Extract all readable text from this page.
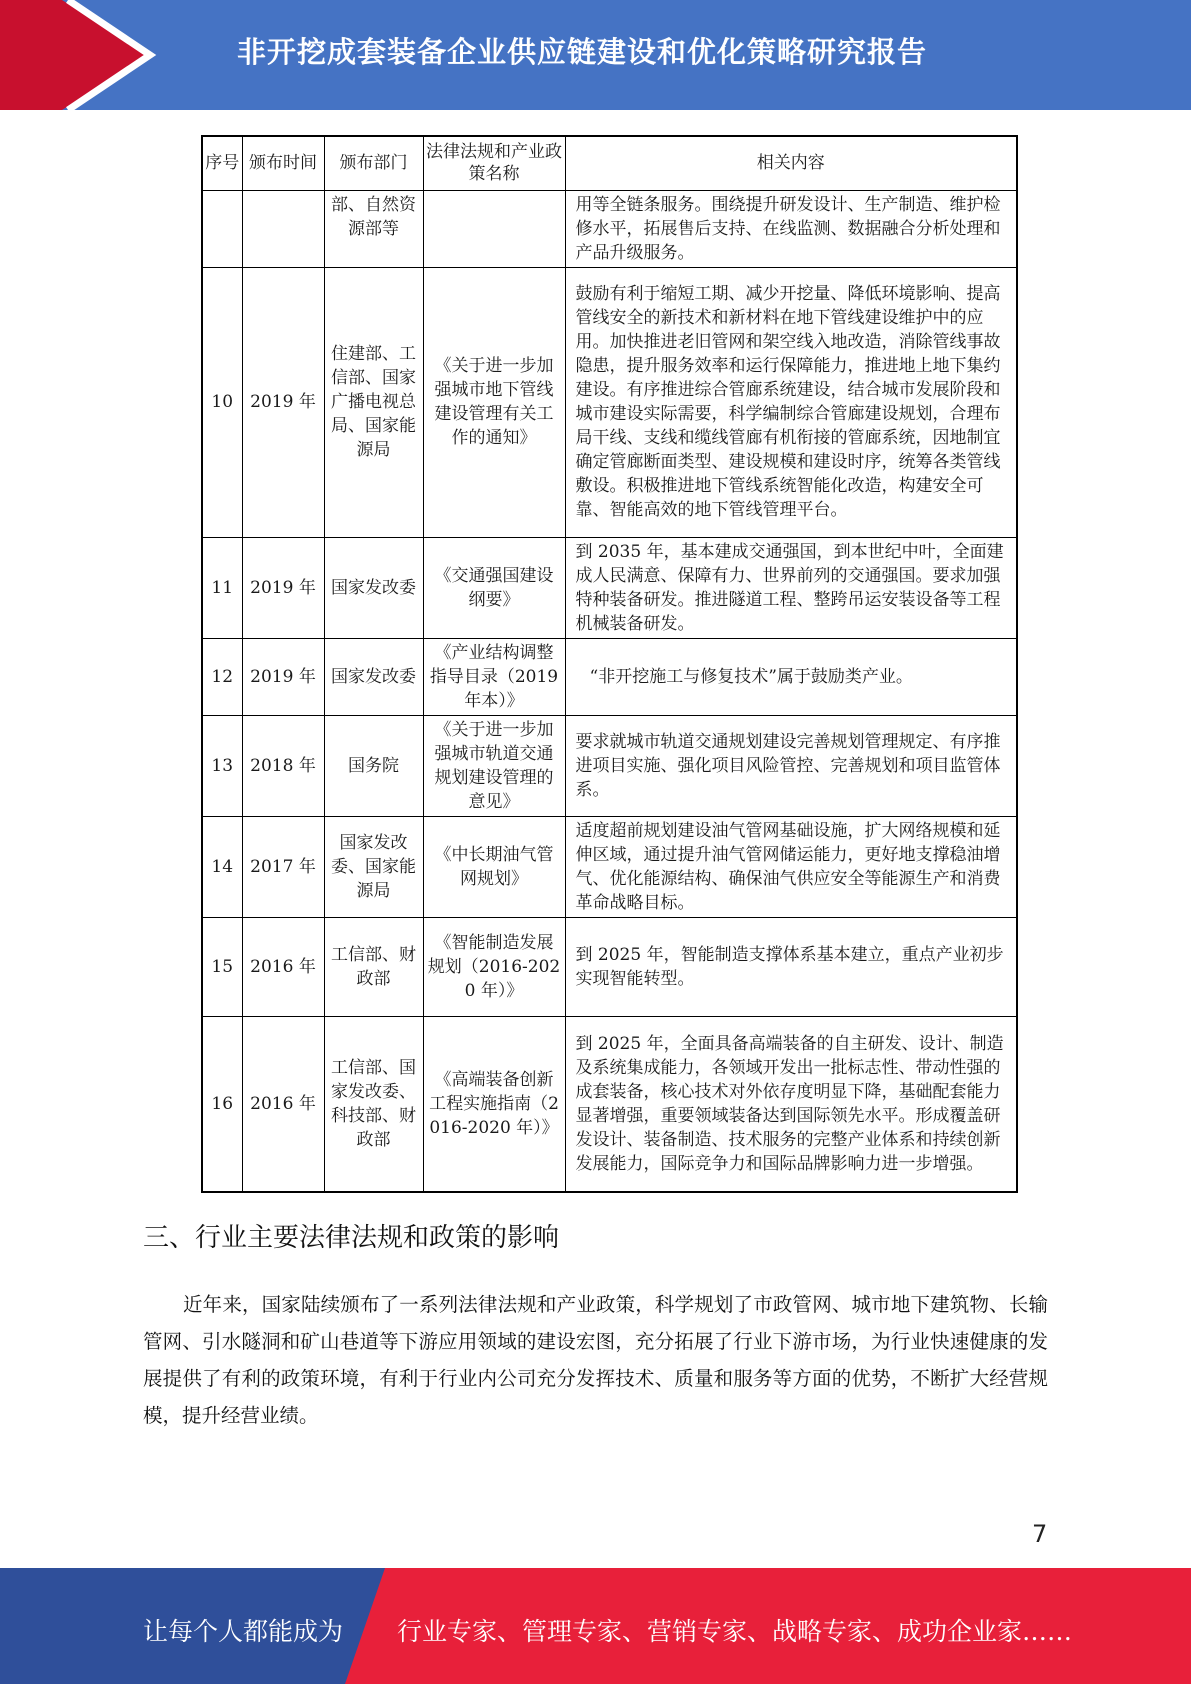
非开挖成套装备企业供应链建设和优化策略研究报告
序号	颁布时间	颁布部门	法律法规和产业政策名称	相关内容
		部、自然资源部等		用等全链条服务。围绕提升研发设计、生产制造、维护检修水平，拓展售后支持、在线监测、数据融合分析处理和产品升级服务。
10	2019 年	住建部、工信部、国家广播电视总局、国家能源局	《关于进一步加强城市地下管线建设管理有关工作的通知》	鼓励有利于缩短工期、减少开挖量、降低环境影响、提高管线安全的新技术和新材料在地下管线建设维护中的应用。加快推进老旧管网和架空线入地改造，消除管线事故隐患，提升服务效率和运行保障能力，推进地上地下集约建设。有序推进综合管廊系统建设，结合城市发展阶段和城市建设实际需要，科学编制综合管廊建设规划，合理布局干线、支线和缆线管廊有机衔接的管廊系统，因地制宜确定管廊断面类型、建设规模和建设时序，统筹各类管线敷设。积极推进地下管线系统智能化改造，构建安全可靠、智能高效的地下管线管理平台。
11	2019 年	国家发改委	《交通强国建设纲要》	到 2035 年，基本建成交通强国，到本世纪中叶，全面建成人民满意、保障有力、世界前列的交通强国。要求加强特种装备研发。推进隧道工程、整跨吊运安装设备等工程机械装备研发。
12	2019 年	国家发改委	《产业结构调整指导目录（2019 年本）》	“非开挖施工与修复技术”属于鼓励类产业。
13	2018 年	国务院	《关于进一步加强城市轨道交通规划建设管理的意见》	要求就城市轨道交通规划建设完善规划管理规定、有序推进项目实施、强化项目风险管控、完善规划和项目监管体系。
14	2017 年	国家发改委、国家能源局	《中长期油气管网规划》	适度超前规划建设油气管网基础设施，扩大网络规模和延伸区域，通过提升油气管网储运能力，更好地支撑稳油增气、优化能源结构、确保油气供应安全等能源生产和消费革命战略目标。
15	2016 年	工信部、财政部	《智能制造发展规划（2016-2020 年）》	到 2025 年，智能制造支撑体系基本建立，重点产业初步实现智能转型。
16	2016 年	工信部、国家发改委、科技部、财政部	《高端装备创新工程实施指南（2016-2020 年）》	到 2025 年，全面具备高端装备的自主研发、设计、制造及系统集成能力，各领域开发出一批标志性、带动性强的成套装备，核心技术对外依存度明显下降，基础配套能力显著增强，重要领域装备达到国际领先水平。形成覆盖研发设计、装备制造、技术服务的完整产业体系和持续创新发展能力，国际竞争力和国际品牌影响力进一步增强。
三、行业主要法律法规和政策的影响

近年来，国家陆续颁布了一系列法律法规和产业政策，科学规划了市政管网、城市地下建筑物、长输管网、引水隧洞和矿山巷道等下游应用领域的建设宏图，充分拓展了行业下游市场，为行业快速健康的发展提供了有利的政策环境，有利于行业内公司充分发挥技术、质量和服务等方面的优势，不断扩大经营规模，提升经营业绩。

7
让每个人都能成为 行业专家、管理专家、营销专家、战略专家、成功企业家……
